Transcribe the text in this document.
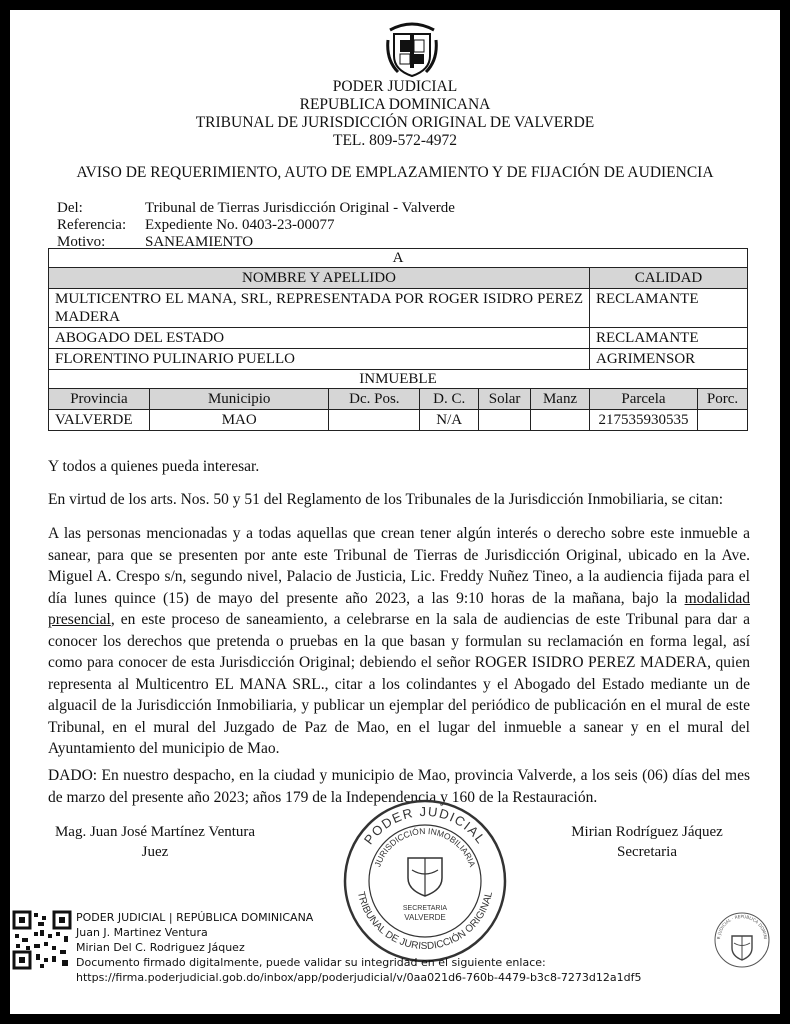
PODER JUDICIAL
REPUBLICA DOMINICANA
TRIBUNAL DE JURISDICCIÓN ORIGINAL DE VALVERDE
TEL. 809-572-4972
AVISO DE REQUERIMIENTO, AUTO DE EMPLAZAMIENTO Y DE FIJACIÓN DE AUDIENCIA
Del:	Tribunal de Tierras Jurisdicción Original - Valverde
Referencia: Expediente No. 0403-23-00077
Motivo:	SANEAMIENTO
A							
NOMBRE Y APELLIDO						CALIDAD	
MULTICENTRO EL MANA, SRL, REPRESENTADA POR ROGER ISIDRO PEREZ MADERA						RECLAMANTE	
ABOGADO DEL ESTADO						RECLAMANTE	
FLORENTINO PULINARIO PUELLO						AGRIMENSOR	
INMUEBLE							
Provincia	Municipio	Dc. Pos.	D. C.	Solar	Manz	Parcela	Porc.
VALVERDE	MAO		N/A			217535930535	
Y todos a quienes pueda interesar.
En virtud de los arts. Nos. 50 y 51 del Reglamento de los Tribunales de la Jurisdicción Inmobiliaria, se citan:
A las personas mencionadas y a todas aquellas que crean tener algún interés o derecho sobre este inmueble a sanear, para que se presenten por ante este Tribunal de Tierras de Jurisdicción Original, ubicado en la Ave. Miguel A. Crespo s/n, segundo nivel, Palacio de Justicia, Lic. Freddy Nuñez Tineo, a la audiencia fijada para el día lunes quince (15) de mayo del presente año 2023, a las 9:10 horas de la mañana, bajo la modalidad presencial, en este proceso de saneamiento, a celebrarse en la sala de audiencias de este Tribunal para dar a conocer los derechos que pretenda o pruebas en la que basan y formulan su reclamación en forma legal, así como para conocer de esta Jurisdicción Original; debiendo el señor ROGER ISIDRO PEREZ MADERA, quien representa al Multicentro EL MANA SRL., citar a los colindantes y el Abogado del Estado mediante un de alguacil de la Jurisdicción Inmobiliaria, y publicar un ejemplar del periódico de publicación en el mural de este Tribunal, en el mural del Juzgado de Paz de Mao, en el lugar del inmueble a sanear y en el mural del Ayuntamiento del municipio de Mao.
DADO: En nuestro despacho, en la ciudad y municipio de Mao, provincia Valverde, a los seis (06) días del mes de marzo del presente año 2023; años 179 de la Independencia y 160 de la Restauración.
Mag. Juan José Martínez Ventura
Juez
Mirian Rodríguez Jáquez
Secretaria
PODER JUDICIAL
JURISDICCIÓN INMOBILIARIA
TRIBUNAL DE JURISDICCIÓN ORIGINAL
SECRETARIA
VALVERDE
PODER JUDICIAL | REPÚBLICA DOMINICANA
Juan J. Martinez Ventura
Mirian Del C. Rodriguez Jáquez
Documento firmado digitalmente, puede validar su integridad en el siguiente enlace:
https://firma.poderjudicial.gob.do/inbox/app/poderjudicial/v/0aa021d6-760b-4479-b3c8-7273d12a1df5
R JUDICIAL · REPÚBLICA DOMINI
